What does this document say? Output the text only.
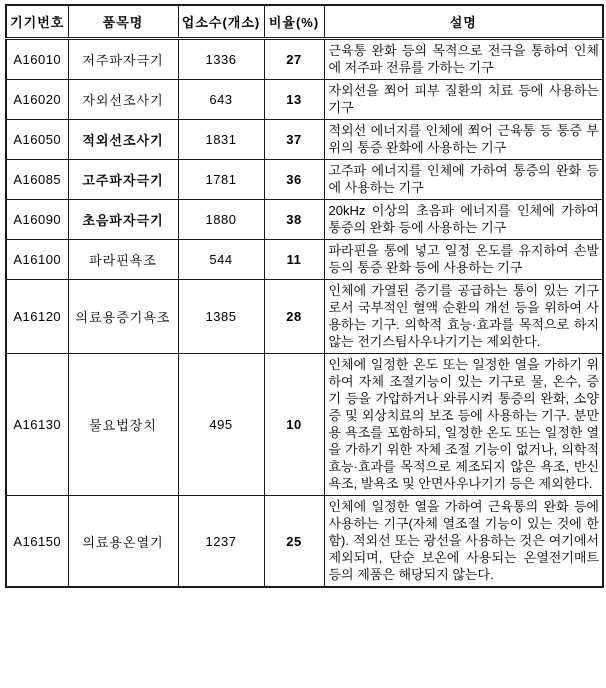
기기번호	품목명	업소수(개소)	비율(%)	설명
A16010	저주파자극기	1336	27	근육통 완화 등의 목적으로 전극을 통하여 인체에 저주파 전류를 가하는 기구
A16020	자외선조사기	643	13	자외선을 쬐어 피부 질환의 치료 등에 사용하는 기구
A16050	적외선조사기	1831	37	적외선 에너지를 인체에 쬐어 근육통 등 통증 부위의 통증 완화에 사용하는 기구
A16085	고주파자극기	1781	36	고주파 에너지를 인체에 가하여 통증의 완화 등에 사용하는 기구
A16090	초음파자극기	1880	38	20kHz 이상의 초음파 에너지를 인체에 가하여 통증의 완화 등에 사용하는 기구
A16100	파라핀욕조	544	11	파라핀을 통에 넣고 일정 온도를 유지하여 손발 등의 통증 완화 등에 사용하는 기구
A16120	의료용증기욕조	1385	28	인체에 가열된 증기를 공급하는 통이 있는 기구로서 국부적인 혈액 순환의 개선 등을 위하여 사용하는 기구. 의학적 효능·효과를 목적으로 하지 않는 전기스팀사우나기기는 제외한다.
A16130	물요법장치	495	10	인체에 일정한 온도 또는 일정한 열을 가하기 위하여 자체 조절기능이 있는 기구로 물, 온수, 증기 등을 가압하거나 와류시켜 통증의 완화, 소양증 및 외상치료의 보조 등에 사용하는 기구. 분만용 욕조를 포함하되, 일정한 온도 또는 일정한 열을 가하기 위한 자체 조절 기능이 없거나, 의학적 효능·효과를 목적으로 제조되지 않은 욕조, 반신욕조, 발욕조 및 안면사우나기기 등은 제외한다.
A16150	의료용온열기	1237	25	인체에 일정한 열을 가하여 근육통의 완화 등에 사용하는 기구(자체 열조절 기능이 있는 것에 한함). 적외선 또는 광선을 사용하는 것은 여기에서 제외되며, 단순 보온에 사용되는 온열전기매트 등의 제품은 해당되지 않는다.
